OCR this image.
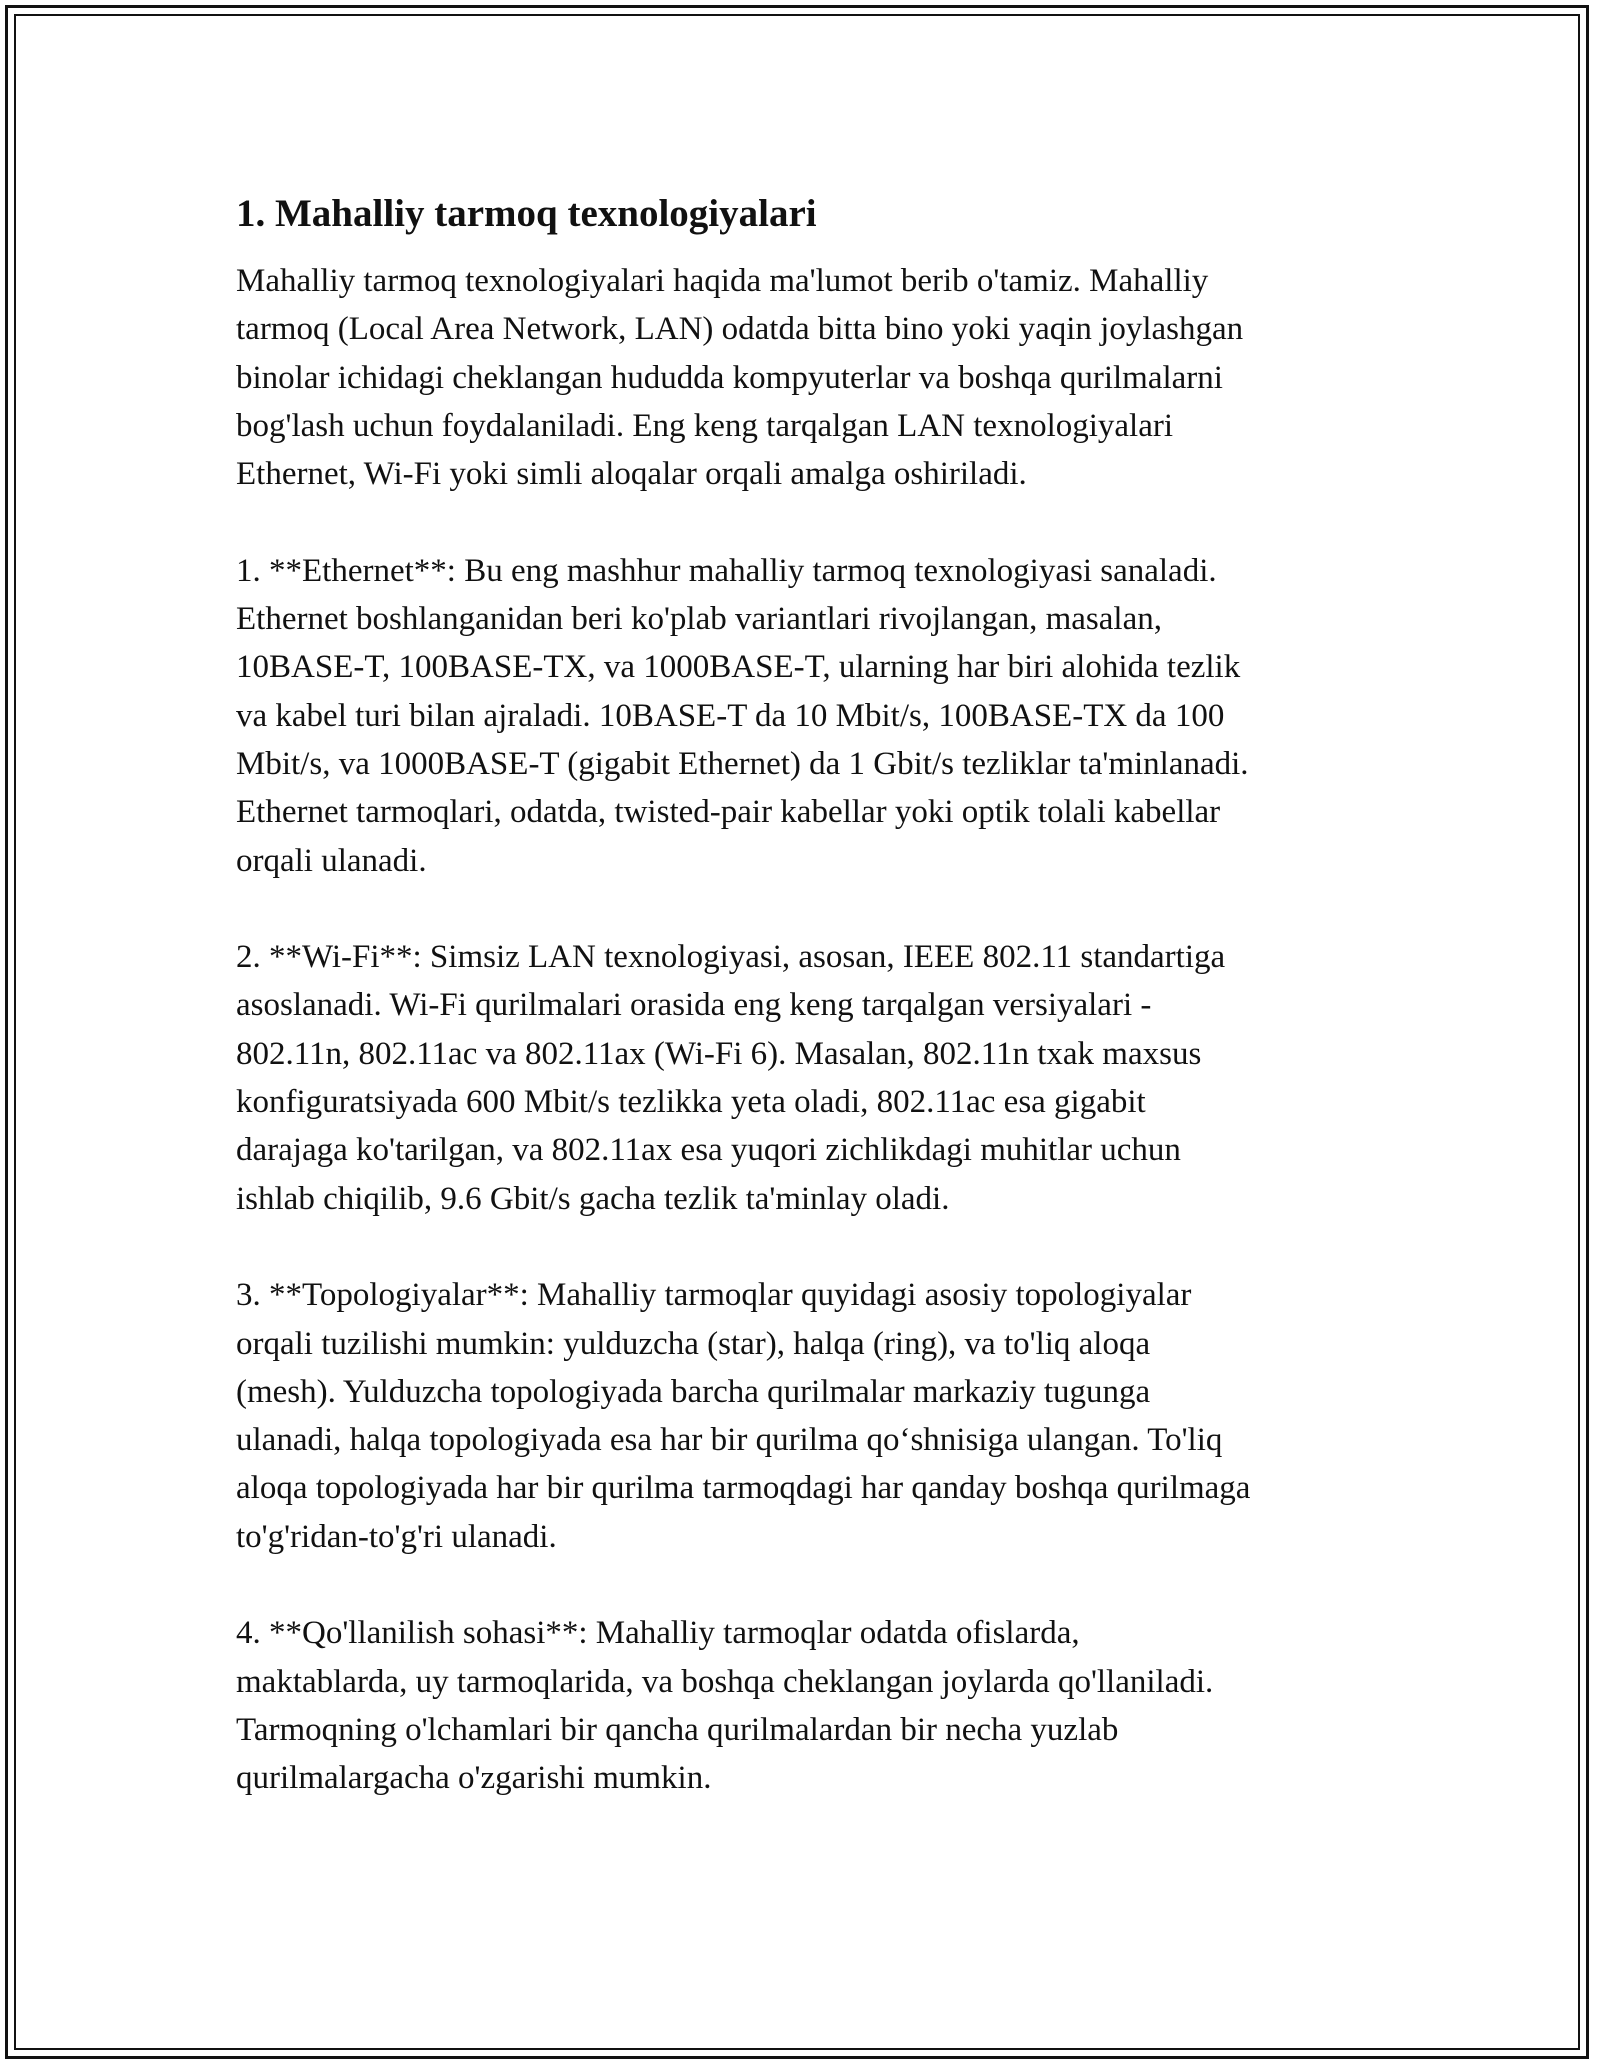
1. Mahalliy tarmoq texnologiyalari

Mahalliy tarmoq texnologiyalari haqida ma'lumot berib o'tamiz. Mahalliy
tarmoq (Local Area Network, LAN) odatda bitta bino yoki yaqin joylashgan
binolar ichidagi cheklangan hududda kompyuterlar va boshqa qurilmalarni
bog'lash uchun foydalaniladi. Eng keng tarqalgan LAN texnologiyalari
Ethernet, Wi-Fi yoki simli aloqalar orqali amalga oshiriladi.

1. **Ethernet**: Bu eng mashhur mahalliy tarmoq texnologiyasi sanaladi.
Ethernet boshlanganidan beri ko'plab variantlari rivojlangan, masalan,
10BASE-T, 100BASE-TX, va 1000BASE-T, ularning har biri alohida tezlik
va kabel turi bilan ajraladi. 10BASE-T da 10 Mbit/s, 100BASE-TX da 100
Mbit/s, va 1000BASE-T (gigabit Ethernet) da 1 Gbit/s tezliklar ta'minlanadi.
Ethernet tarmoqlari, odatda, twisted-pair kabellar yoki optik tolali kabellar
orqali ulanadi.

2. **Wi-Fi**: Simsiz LAN texnologiyasi, asosan, IEEE 802.11 standartiga
asoslanadi. Wi-Fi qurilmalari orasida eng keng tarqalgan versiyalari -
802.11n, 802.11ac va 802.11ax (Wi-Fi 6). Masalan, 802.11n txak maxsus
konfiguratsiyada 600 Mbit/s tezlikka yeta oladi, 802.11ac esa gigabit
darajaga ko'tarilgan, va 802.11ax esa yuqori zichlikdagi muhitlar uchun
ishlab chiqilib, 9.6 Gbit/s gacha tezlik ta'minlay oladi.

3. **Topologiyalar**: Mahalliy tarmoqlar quyidagi asosiy topologiyalar
orqali tuzilishi mumkin: yulduzcha (star), halqa (ring), va to'liq aloqa
(mesh). Yulduzcha topologiyada barcha qurilmalar markaziy tugunga
ulanadi, halqa topologiyada esa har bir qurilma qo‘shnisiga ulangan. To'liq
aloqa topologiyada har bir qurilma tarmoqdagi har qanday boshqa qurilmaga
to'g'ridan-to'g'ri ulanadi.

4. **Qo'llanilish sohasi**: Mahalliy tarmoqlar odatda ofislarda,
maktablarda, uy tarmoqlarida, va boshqa cheklangan joylarda qo'llaniladi.
Tarmoqning o'lchamlari bir qancha qurilmalardan bir necha yuzlab
qurilmalargacha o'zgarishi mumkin.
